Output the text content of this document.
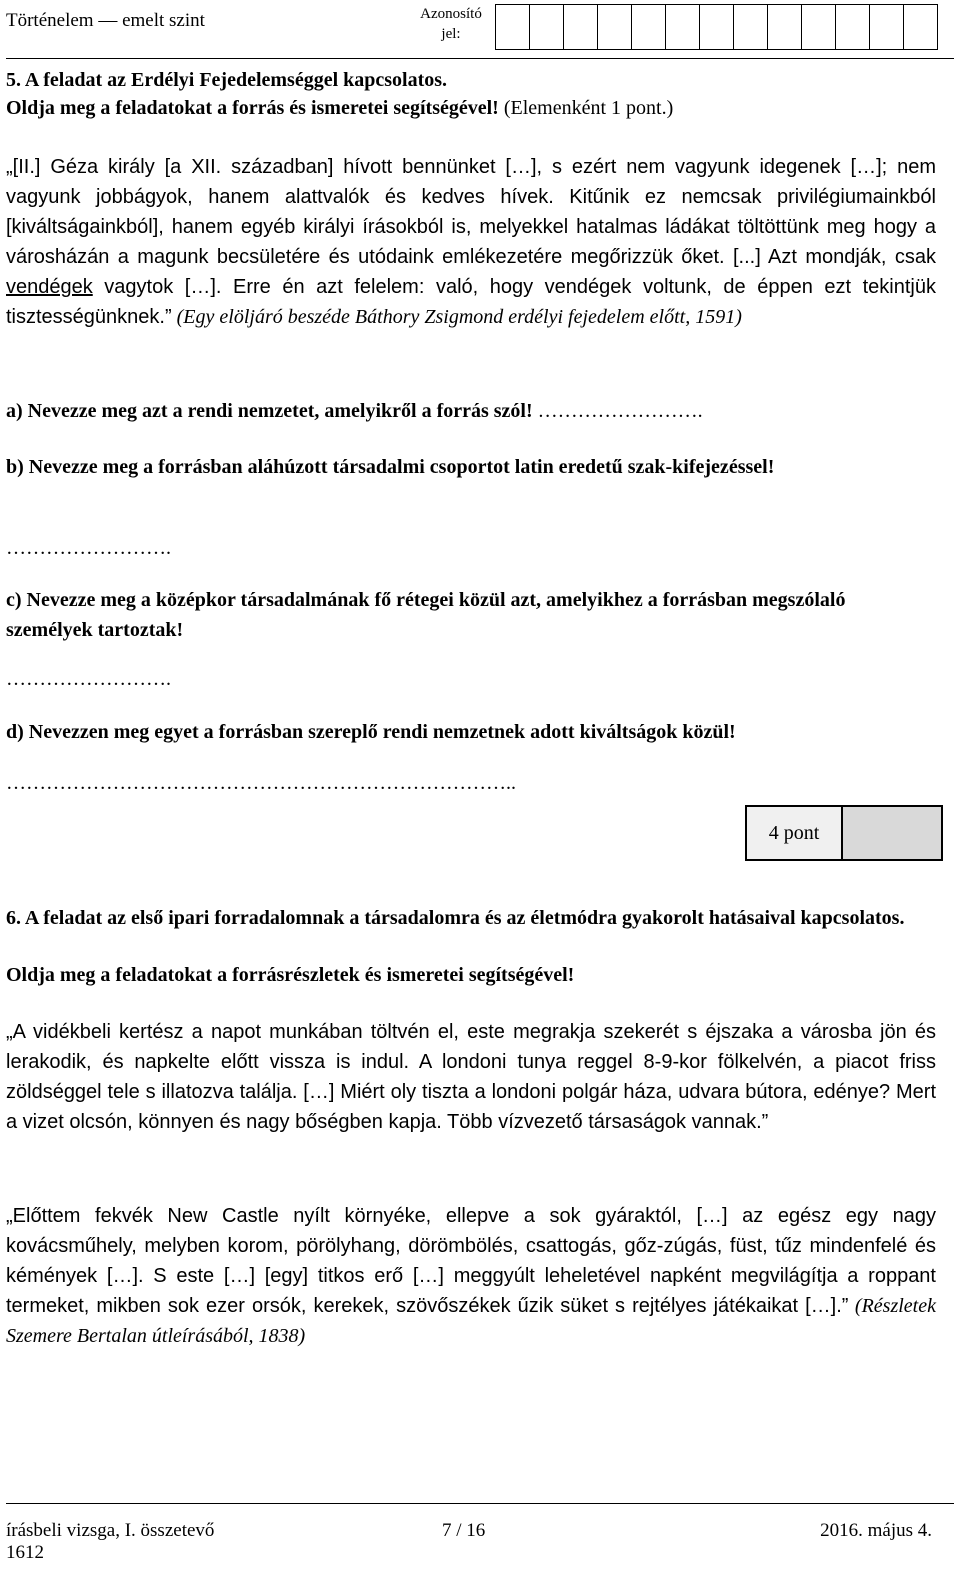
Történelem — emelt szint	Azonosító
jel:
5. A feladat az Erdélyi Fejedelemséggel kapcsolatos.
Oldja meg a feladatokat a forrás és ismeretei segítségével! (Elemenként 1 pont.)
„[II.] Géza király [a XII. században] hívott bennünket […], s ezért nem vagyunk idegenek […]; nem vagyunk jobbágyok, hanem alattvalók és kedves hívek. Kitűnik ez nemcsak privilégiumainkból [kiváltságainkból], hanem egyéb királyi írásokból is, melyekkel hatalmas ládákat töltöttünk meg hogy a városházán a magunk becsületére és utódaink emlékezetére megőrizzük őket. [...] Azt mondják, csak vendégek vagytok […]. Erre én azt felelem: való, hogy vendégek voltunk, de éppen ezt tekintjük tisztességünknek.” (Egy elöljáró beszéde Báthory Zsigmond erdélyi fejedelem előtt, 1591)
a) Nevezze meg azt a rendi nemzetet, amelyikről a forrás szól! …………………….
b) Nevezze meg a forrásban aláhúzott társadalmi csoportot latin eredetű szak-kifejezéssel!
…………………….
c) Nevezze meg a középkor társadalmának fő rétegei közül azt, amelyikhez a forrásban megszólaló személyek tartoztak!
…………………….
d) Nevezzen meg egyet a forrásban szereplő rendi nemzetnek adott kiváltságok közül!
…………………………………………………………………..
4 pont
6. A feladat az első ipari forradalomnak a társadalomra és az életmódra gyakorolt hatásaival kapcsolatos.
Oldja meg a feladatokat a forrásrészletek és ismeretei segítségével!
„A vidékbeli kertész a napot munkában töltvén el, este megrakja szekerét s éjszaka a városba jön és lerakodik, és napkelte előtt vissza is indul. A londoni tunya reggel 8-9-kor fölkelvén, a piacot friss zöldséggel tele s illatozva találja. […] Miért oly tiszta a londoni polgár háza, udvara bútora, edénye? Mert a vizet olcsón, könnyen és nagy bőségben kapja. Több vízvezető társaságok vannak.”
„Előttem fekvék New Castle nyílt környéke, ellepve a sok gyáraktól, […] az egész egy nagy kovácsműhely, melyben korom, pörölyhang, dörömbölés, csattogás, gőz-zúgás, füst, tűz mindenfelé és kémények […]. S este […] [egy] titkos erő […] meggyúlt leheletével napként megvilágítja a roppant termeket, mikben sok ezer orsók, kerekek, szövőszékek űzik süket s rejtélyes játékaikat […].” (Részletek Szemere Bertalan útleírásából, 1838)
írásbeli vizsga, I. összetevő
1612
7 / 16	2016. május 4.
